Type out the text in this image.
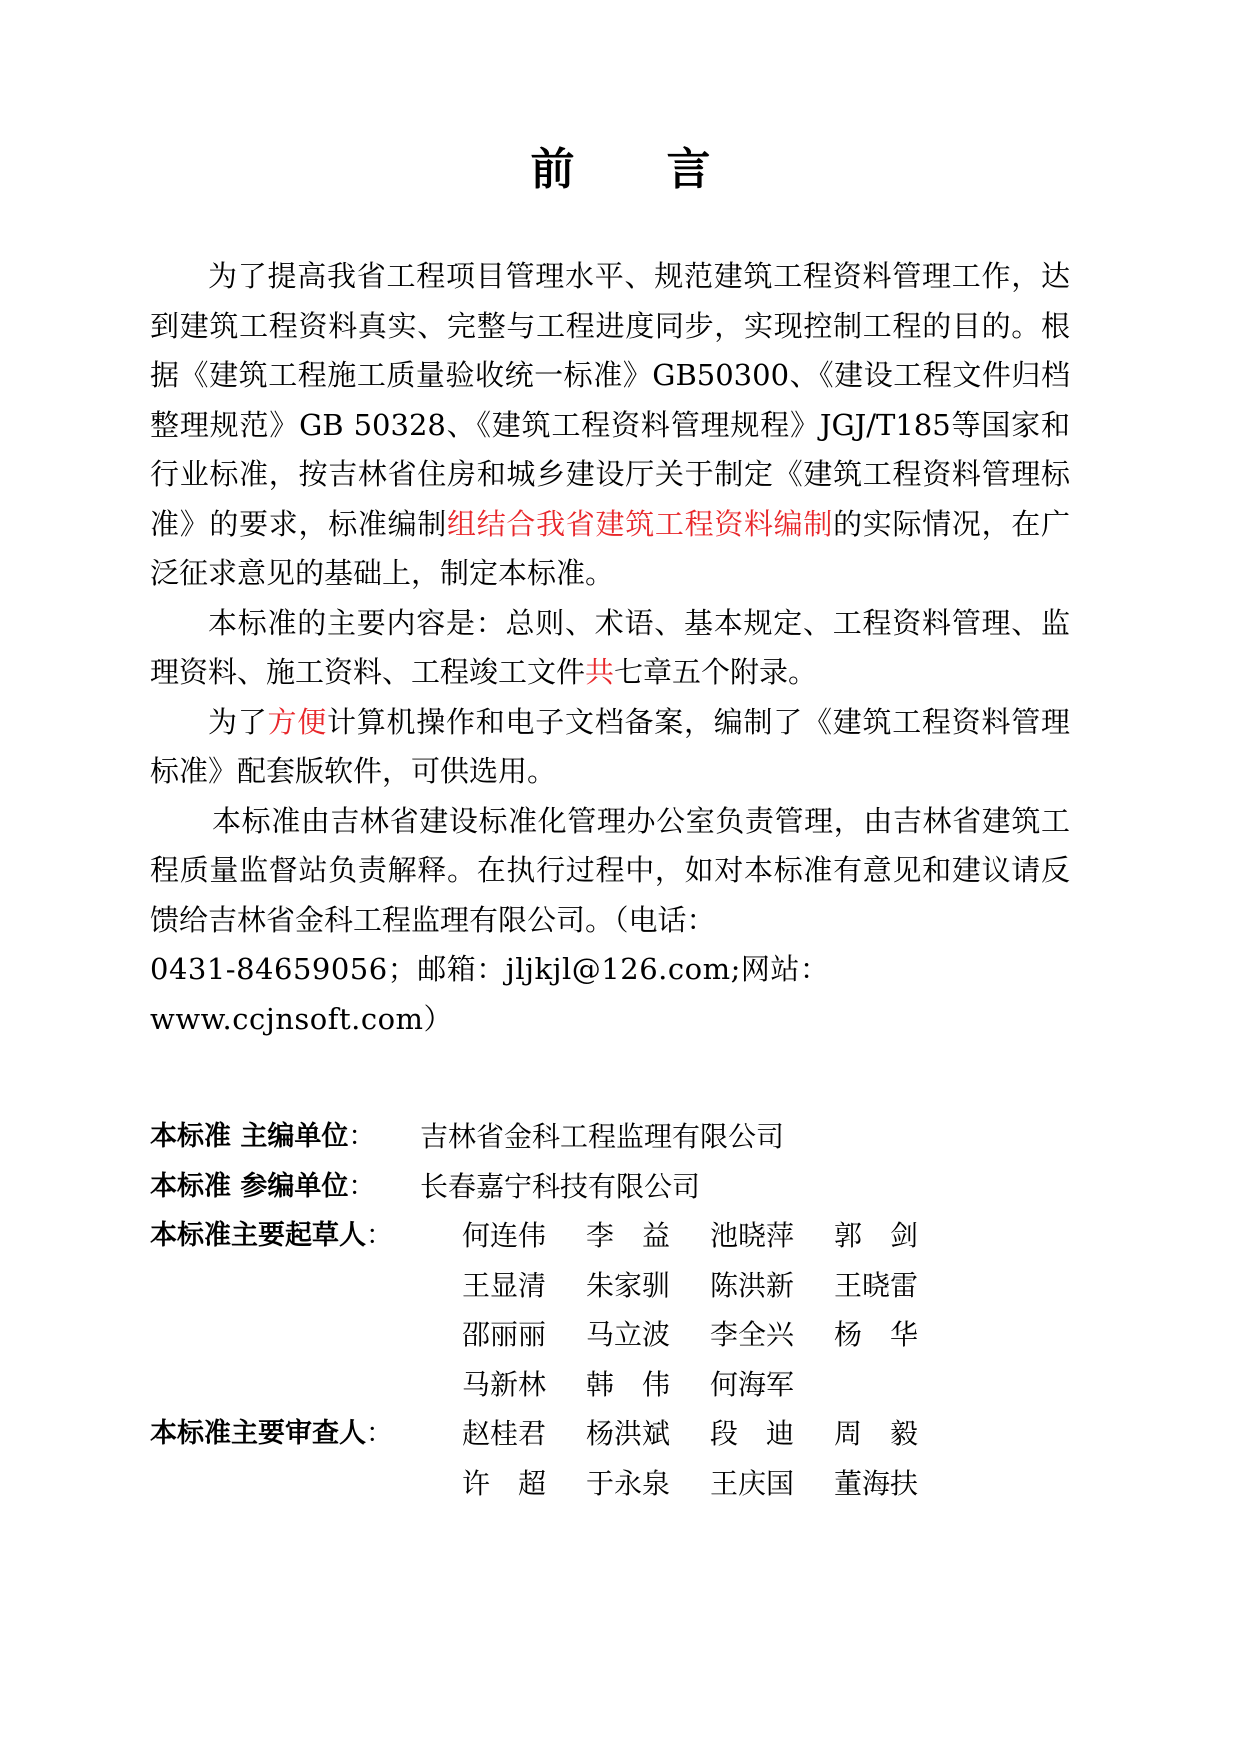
前 言

为了提高我省工程项目管理水平、规范建筑工程资料管理工作，达到建筑工程资料真实、完整与工程进度同步，实现控制工程的目的。根据《建筑工程施工质量验收统一标准》GB50300、《建设工程文件归档整理规范》GB 50328、《建筑工程资料管理规程》JGJ/T185等国家和行业标准，按吉林省住房和城乡建设厅关于制定《建筑工程资料管理标准》的要求，标准编制组结合我省建筑工程资料编制的实际情况，在广泛征求意见的基础上，制定本标准。

本标准的主要内容是：总则、术语、基本规定、工程资料管理、监理资料、施工资料、工程竣工文件共七章五个附录。

为了方便计算机操作和电子文档备案，编制了《建筑工程资料管理标准》配套版软件，可供选用。

本标准由吉林省建设标准化管理办公室负责管理，由吉林省建筑工程质量监督站负责解释。在执行过程中，如对本标准有意见和建议请反馈给吉林省金科工程监理有限公司。（电话：

0431-84659056；邮箱：jljkjl@126.com;网站：

www.ccjnsoft.com）

本标准 主编单位： 吉林省金科工程监理有限公司
本标准 参编单位： 长春嘉宁科技有限公司
本标准主要起草人： 何连伟 李　益 池晓萍 郭　剑
王显清 朱家驯 陈洪新 王晓雷
邵丽丽 马立波 李全兴 杨　华
马新林 韩　伟 何海军
本标准主要审查人： 赵桂君 杨洪斌 段　迪 周　毅
许　超 于永泉 王庆国 董海扶
